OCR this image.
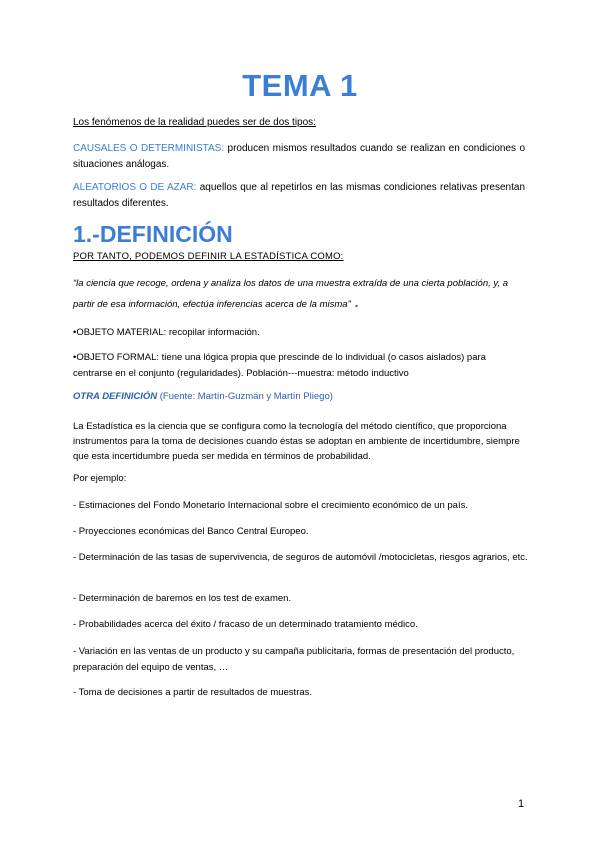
TEMA 1
Los fenómenos de la realidad puedes ser de dos tipos:
CAUSALES O DETERMINISTAS: producen mismos resultados cuando se realizan en condiciones o situaciones análogas.
ALEATORIOS O DE AZAR: aquellos que al repetirlos en las mismas condiciones relativas presentan resultados diferentes.
1.-DEFINICIÓN
POR TANTO, PODEMOS DEFINIR LA ESTADÍSTICA COMO:
“la ciencia que recoge, ordena y analiza los datos de una muestra extraída de una cierta población, y, a partir de esa información, efectúa inferencias acerca de la misma” .
•OBJETO MATERIAL: recopilar información.
•OBJETO FORMAL: tiene una lógica propia que prescinde de lo individual (o casos aislados) para centrarse en el conjunto (regularidades). Población---muestra: método inductivo
OTRA DEFINICIÓN (Fuente: Martín-Guzmán y Martín Pliego)
La Estadística es la ciencia que se configura como la tecnología del método científico, que proporciona instrumentos para la toma de decisiones cuando éstas se adoptan en ambiente de incertidumbre, siempre que esta incertidumbre pueda ser medida en términos de probabilidad.
Por ejemplo:
- Estimaciones del Fondo Monetario Internacional sobre el crecimiento económico de un país.
- Proyecciones económicas del Banco Central Europeo.
- Determinación de las tasas de supervivencia, de seguros de automóvil /motocicletas, riesgos agrarios, etc.
- Determinación de baremos en los test de examen.
- Probabilidades acerca del éxito / fracaso de un determinado tratamiento médico.
- Variación en las ventas de un producto y su campaña publicitaria, formas de presentación del producto, preparación del equipo de ventas, …
- Toma de decisiones a partir de resultados de muestras.
1
